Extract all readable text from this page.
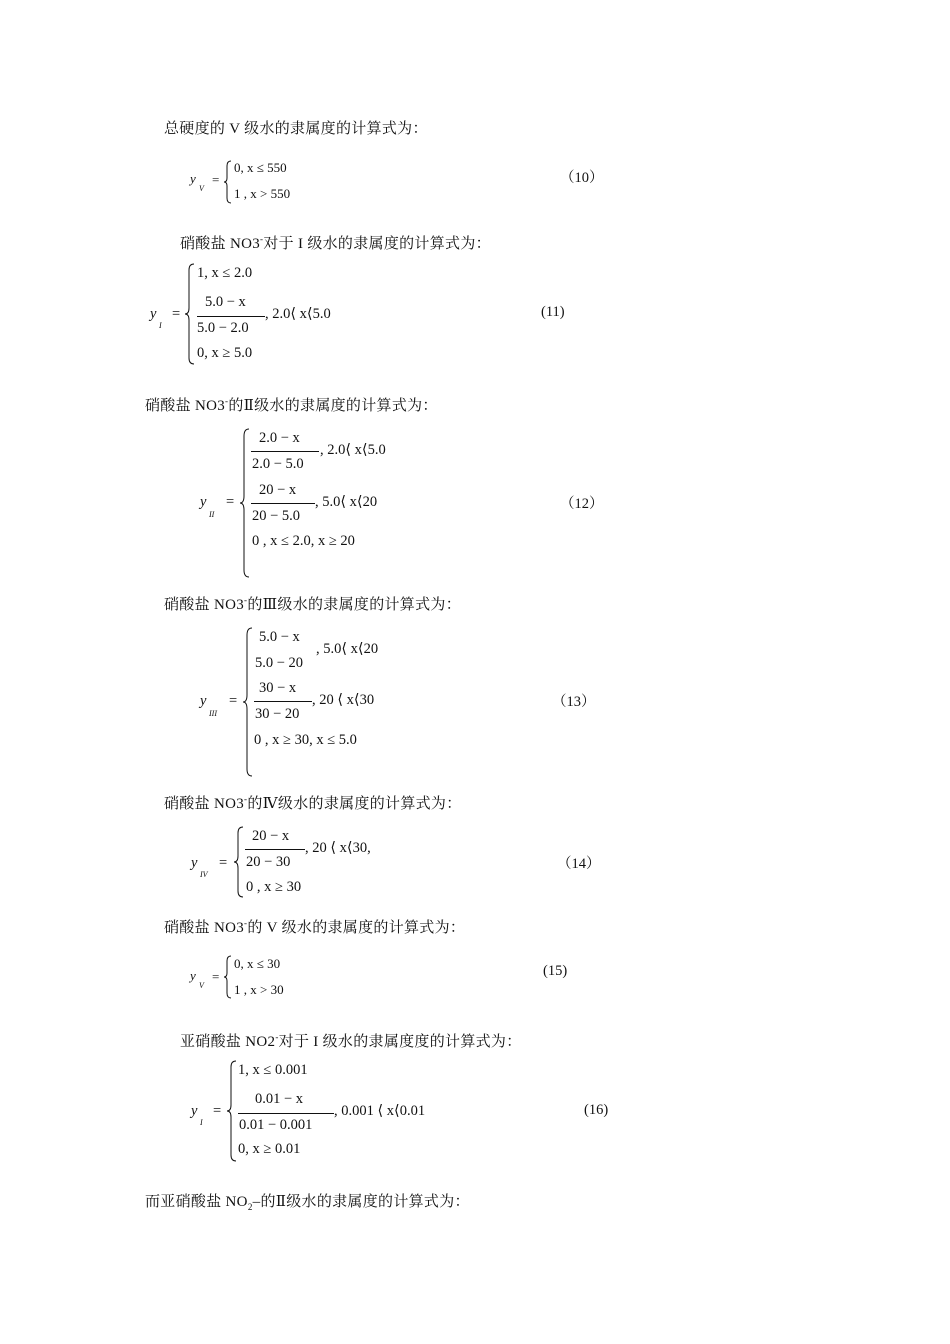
总硬度的 V 级水的隶属度的计算式为：
y
V
=
0, x ≤ 550
1 , x > 550
（10）
硝酸盐 NO3-对于 I 级水的隶属度的计算式为：
y
I
=
1, x ≤ 2.0
5.0 − x
5.0 − 2.0
, 2.0⟨ x⟨5.0
0, x ≥ 5.0
(11)
硝酸盐 NO3-的Ⅱ级水的隶属度的计算式为：
y
II
=
2.0 − x
2.0 − 5.0
, 2.0⟨ x⟨5.0
20 − x
20 − 5.0
, 5.0⟨ x⟨20
0 , x ≤ 2.0, x ≥ 20
（12）
硝酸盐 NO3-的Ⅲ级水的隶属度的计算式为：
y
III
=
5.0 − x
5.0 − 20
, 5.0⟨ x⟨20
30 − x
30 − 20
, 20 ⟨ x⟨30
0 , x ≥ 30, x ≤ 5.0
（13）
硝酸盐 NO3-的Ⅳ级水的隶属度的计算式为：
y
IV
=
20 − x
20 − 30
, 20 ⟨ x⟨30,
0 , x ≥ 30
（14）
硝酸盐 NO3-的 V 级水的隶属度的计算式为：
y
V
=
0, x ≤ 30
1 , x > 30
(15)
亚硝酸盐 NO2-对于 I 级水的隶属度度的计算式为：
y
I
=
1, x ≤ 0.001
0.01 − x
0.01 − 0.001
, 0.001 ⟨ x⟨0.01
0, x ≥ 0.01
(16)
而亚硝酸盐 $NO_2-$的Ⅱ级水的隶属度的计算式为：
